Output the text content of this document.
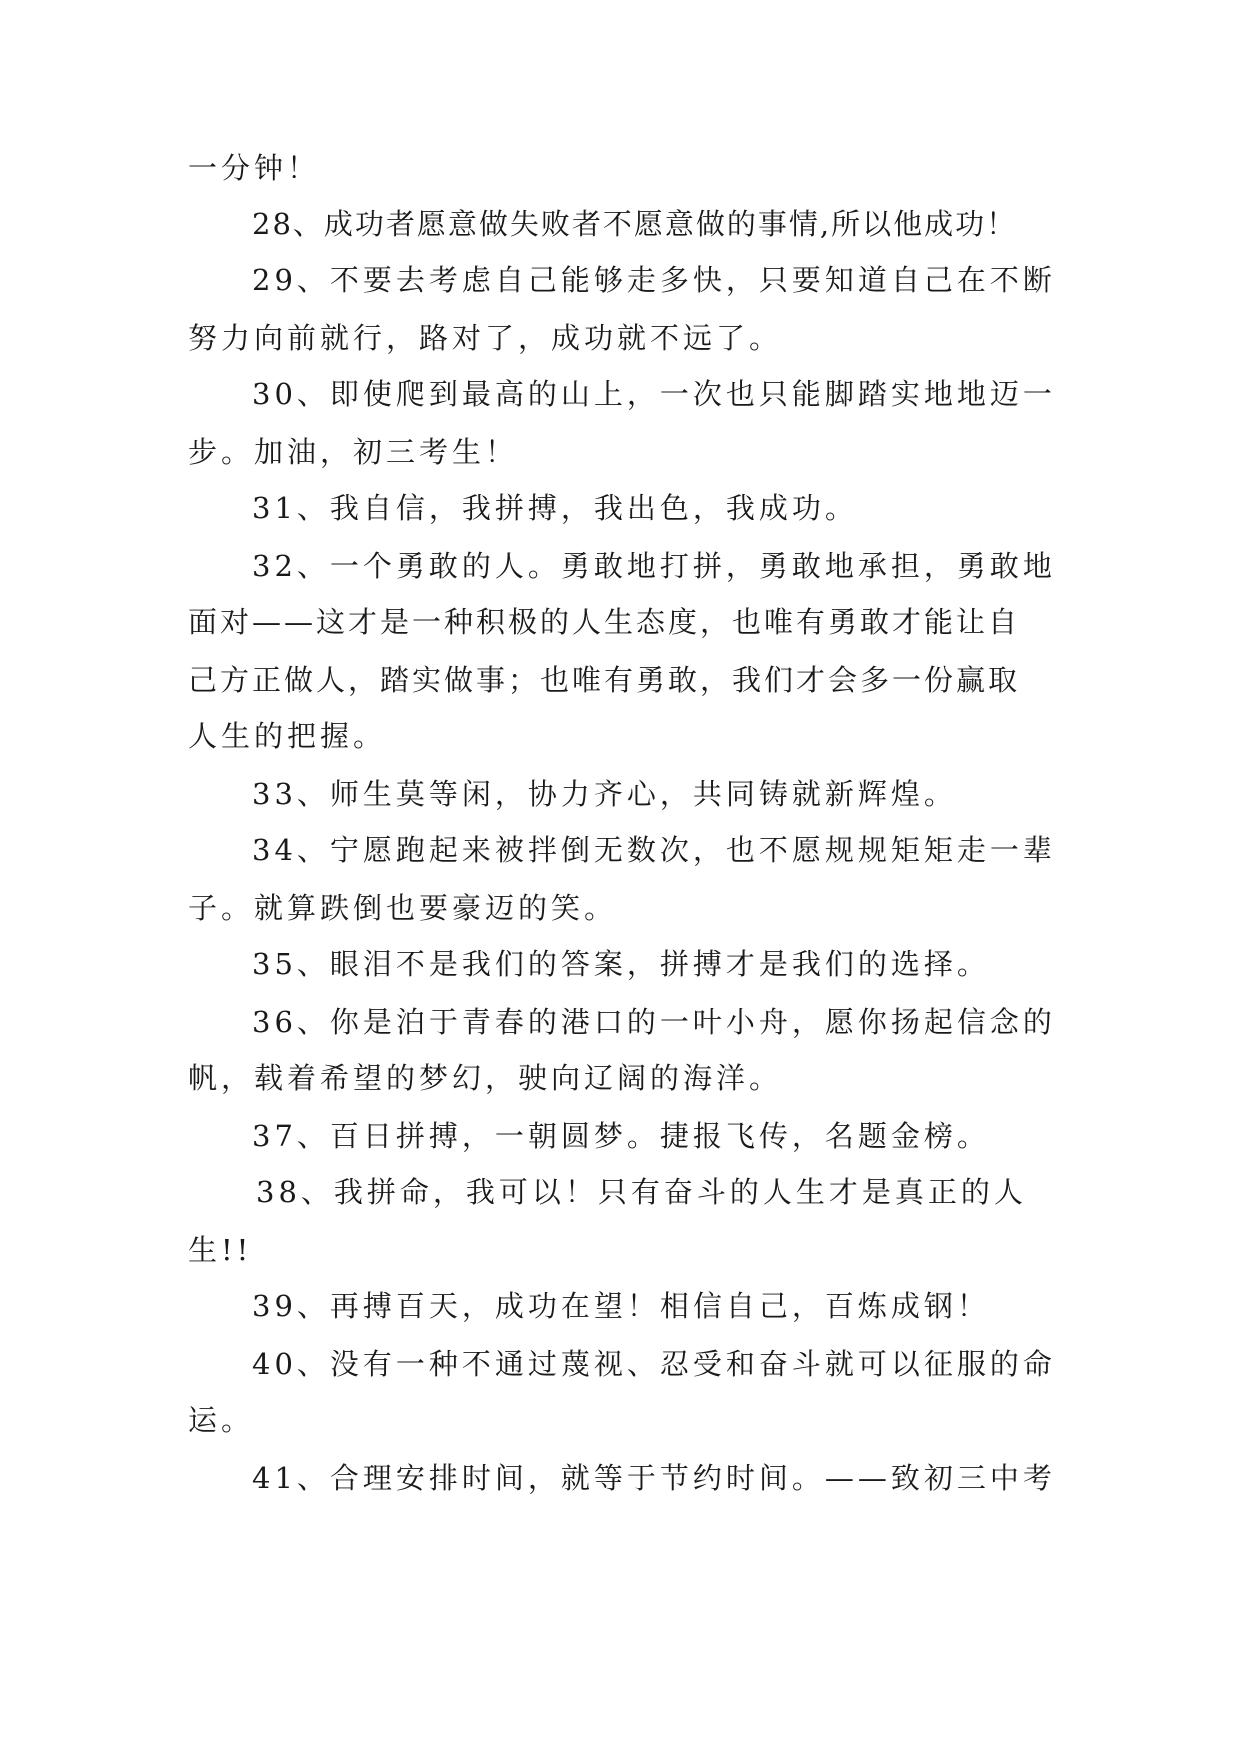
一分钟！

28、成功者愿意做失败者不愿意做的事情,所以他成功！

29、不要去考虑自己能够走多快，只要知道自己在不断

努力向前就行，路对了，成功就不远了。

30、即使爬到最高的山上，一次也只能脚踏实地地迈一

步。加油，初三考生！

31、我自信，我拼搏，我出色，我成功。

32、一个勇敢的人。勇敢地打拼，勇敢地承担，勇敢地

面对——这才是一种积极的人生态度，也唯有勇敢才能让自

己方正做人，踏实做事；也唯有勇敢，我们才会多一份赢取

人生的把握。

33、师生莫等闲，协力齐心，共同铸就新辉煌。

34、宁愿跑起来被拌倒无数次，也不愿规规矩矩走一辈

子。就算跌倒也要豪迈的笑。

35、眼泪不是我们的答案，拼搏才是我们的选择。

36、你是泊于青春的港口的一叶小舟，愿你扬起信念的

帆，载着希望的梦幻，驶向辽阔的海洋。

37、百日拼搏，一朝圆梦。捷报飞传，名题金榜。

38、我拼命，我可以！只有奋斗的人生才是真正的人

生!!

39、再搏百天，成功在望！相信自己，百炼成钢！

40、没有一种不通过蔑视、忍受和奋斗就可以征服的命

运。

41、合理安排时间，就等于节约时间。——致初三中考
